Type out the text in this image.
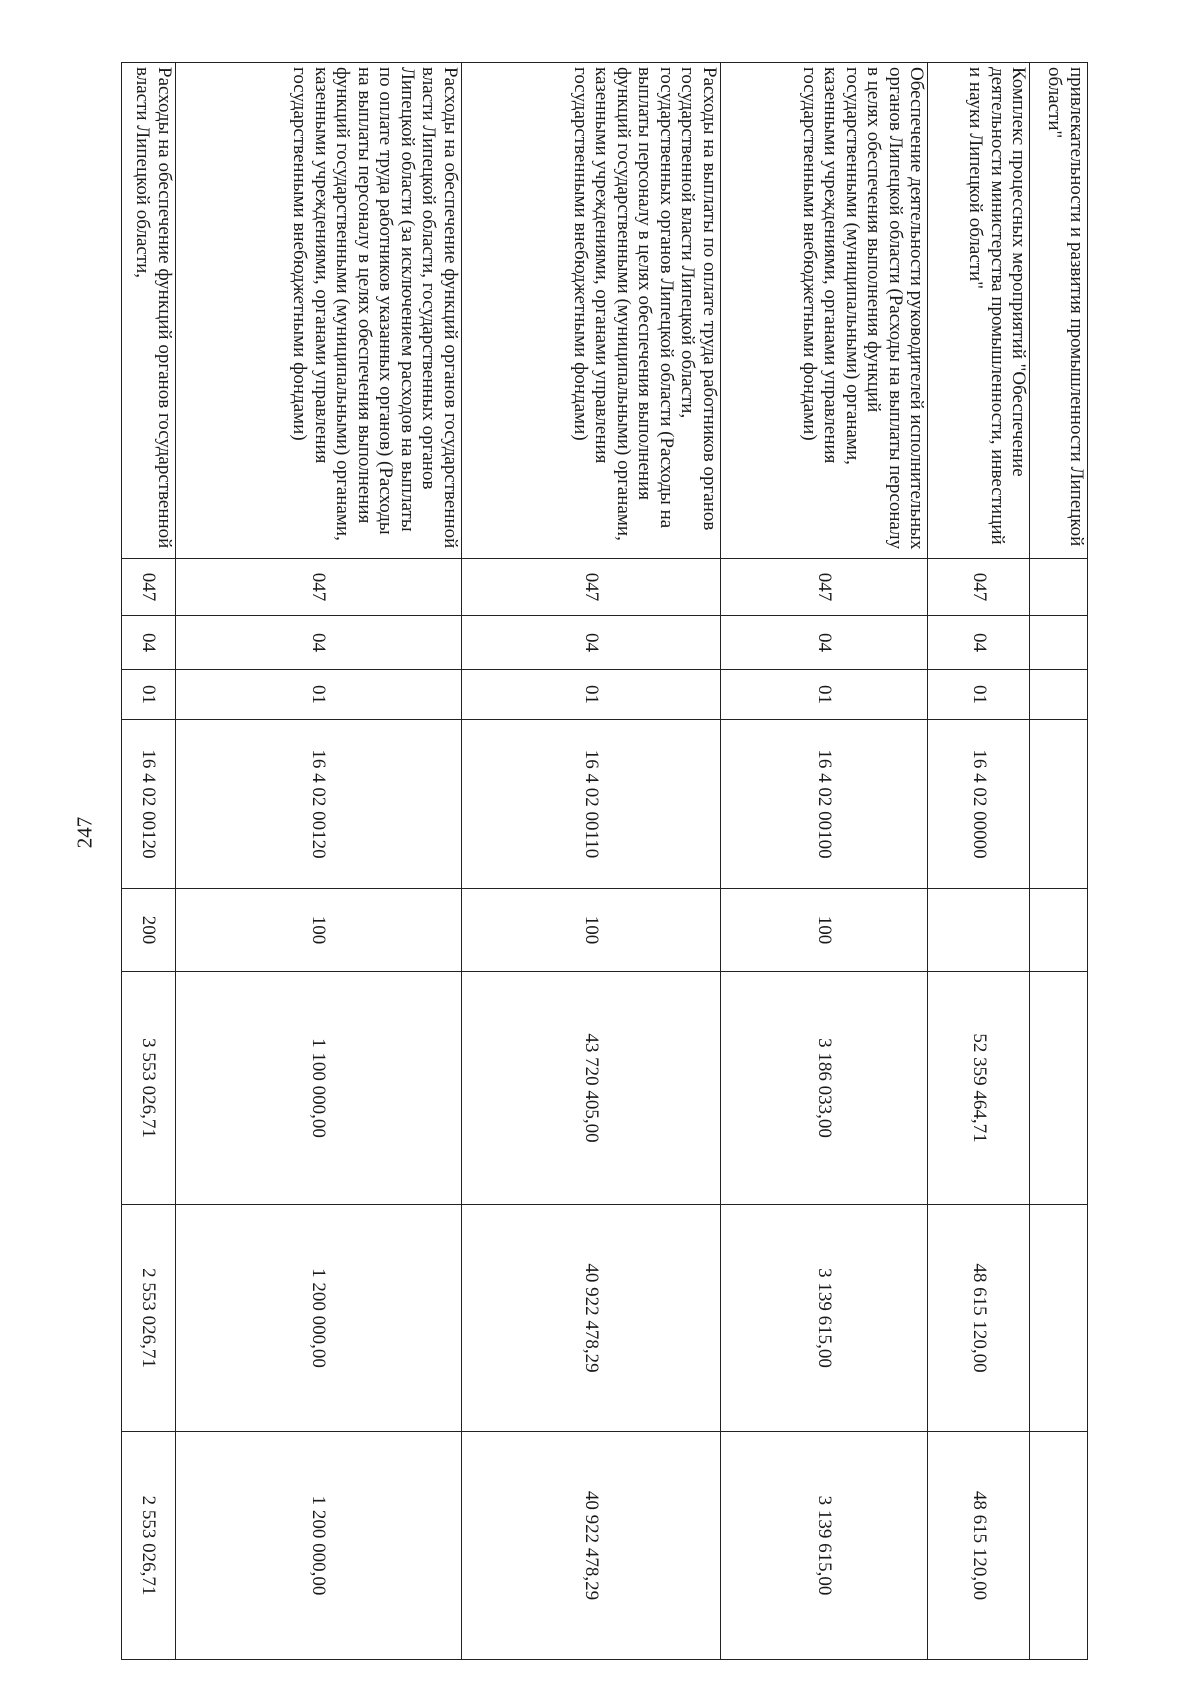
247
привлекательности и развития промышленности Липецкой области"								
Комплекс процессных мероприятий "Обеспечение деятельности министерства промышленности, инвестиций и науки Липецкой области"	047	04	01	16 4 02 00000		52 359 464,71	48 615 120,00	48 615 120,00
Обеспечение деятельности руководителей исполнительных органов Липецкой области (Расходы на выплаты персоналу в целях обеспечения выполнения функций государственными (муниципальными) органами, казенными учреждениями, органами управления государственными внебюджетными фондами)	047	04	01	16 4 02 00100	100	3 186 033,00	3 139 615,00	3 139 615,00
Расходы на выплаты по оплате труда работников органов государственной власти Липецкой области, государственных органов Липецкой области (Расходы на выплаты персоналу в целях обеспечения выполнения функций государственными (муниципальными) органами, казенными учреждениями, органами управления государственными внебюджетными фондами)	047	04	01	16 4 02 00110	100	43 720 405,00	40 922 478,29	40 922 478,29
Расходы на обеспечение функций органов государственной власти Липецкой области, государственных органов Липецкой области (за исключением расходов на выплаты по оплате труда работников указанных органов) (Расходы на выплаты персоналу в целях обеспечения выполнения функций государственными (муниципальными) органами, казенными учреждениями, органами управления государственными внебюджетными фондами)	047	04	01	16 4 02 00120	100	1 100 000,00	1 200 000,00	1 200 000,00
Расходы на обеспечение функций органов государственной власти Липецкой области,	047	04	01	16 4 02 00120	200	3 553 026,71	2 553 026,71	2 553 026,71
